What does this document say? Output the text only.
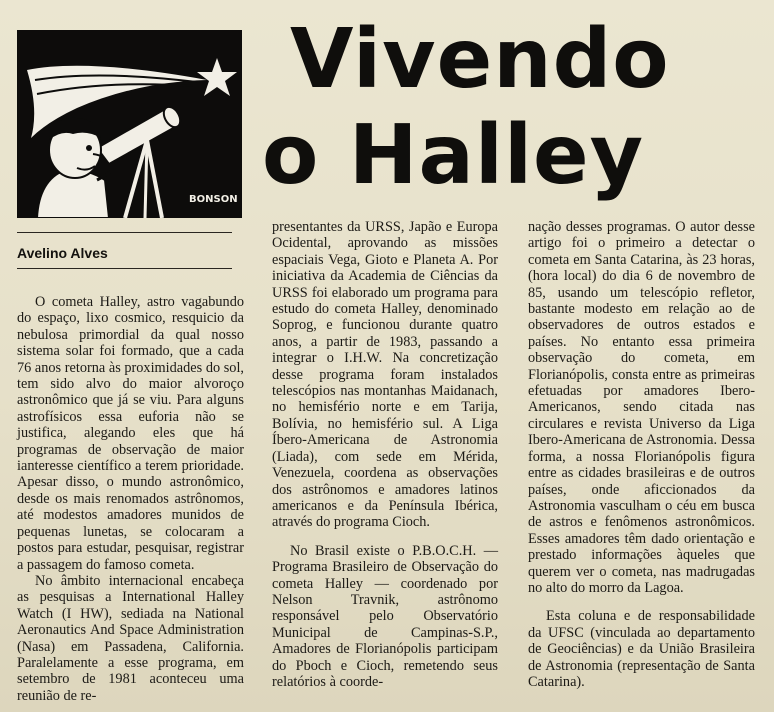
BONSON
Vivendo
o Halley

Avelino Alves

O cometa Halley, astro vagabundo do espaço, lixo cosmico, resquicio da nebulosa primordial da qual nosso sistema solar foi formado, que a cada 76 anos retorna às proximidades do sol, tem sido alvo do maior alvoroço astronômico que já se viu. Para alguns astrofísicos essa euforia não se justifica, alegando eles que há programas de observação de maior ianteresse científico a terem prioridade. Apesar disso, o mundo astronômico, desde os mais renomados astrônomos, até modestos amadores munidos de pequenas lunetas, se colocaram a postos para estudar, pesquisar, registrar a passagem do famoso cometa.

No âmbito internacional encabeça as pesquisas a International Halley Watch (I HW), sediada na National Aeronautics And Space Administration (Nasa) em Passadena, California. Paralelamente a esse programa, em setembro de 1981 aconteceu uma reunião de re-

presentantes da URSS, Japão e Europa Ocidental, aprovando as missões espaciais Vega, Gioto e Planeta A. Por iniciativa da Academia de Ciências da URSS foi elaborado um programa para estudo do cometa Halley, denominado Soprog, e funcionou durante quatro anos, a partir de 1983, passando a integrar o I.H.W. Na concretização desse programa foram instalados telescópios nas montanhas Maidanach, no hemisfério norte e em Tarija, Bolívia, no hemisfério sul. A Liga Íbero-Americana de Astronomia (Liada), com sede em Mérida, Venezuela, coordena as observações dos astrônomos e amadores latinos americanos e da Península Ibérica, através do programa Cioch.

No Brasil existe o P.B.O.C.H. — Programa Brasileiro de Observação do cometa Halley — coordenado por Nelson Travnik, astrônomo responsável pelo Observatório Municipal de Campinas-S.P., Amadores de Florianópolis participam do Pboch e Cioch, remetendo seus relatórios à coorde-

nação desses programas. O autor desse artigo foi o primeiro a detectar o cometa em Santa Catarina, às 23 horas, (hora local) do dia 6 de novembro de 85, usando um telescópio refletor, bastante modesto em relação ao de observadores de outros estados e países. No entanto essa primeira observação do cometa, em Florianópolis, consta entre as primeiras efetuadas por amadores Ibero-Americanos, sendo citada nas circulares e revista Universo da Liga Ibero-Americana de Astronomia. Dessa forma, a nossa Florianópolis figura entre as cidades brasileiras e de outros países, onde aficcionados da Astronomia vasculham o céu em busca de astros e fenômenos astronômicos. Esses amadores têm dado orientação e prestado informações àqueles que querem ver o cometa, nas madrugadas no alto do morro da Lagoa.

Esta coluna e de responsabilidade da UFSC (vinculada ao departamento de Geociências) e da União Brasileira de Astronomia (representação de Santa Catarina).
